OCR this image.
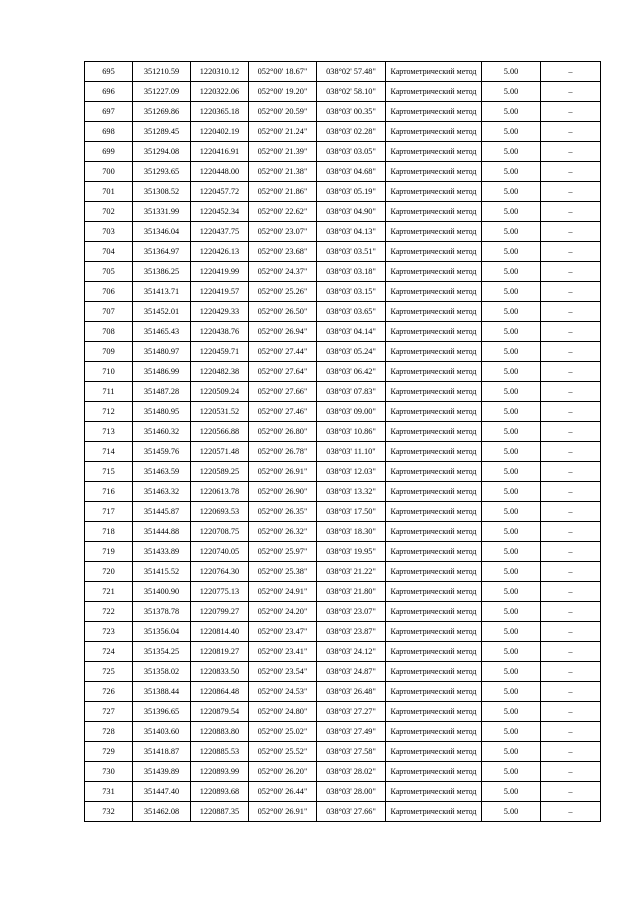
695	351210.59	1220310.12	052°00' 18.67"	038°02' 57.48"	Картометрический метод	5.00	–
696	351227.09	1220322.06	052°00' 19.20"	038°02' 58.10"	Картометрический метод	5.00	–
697	351269.86	1220365.18	052°00' 20.59"	038°03' 00.35"	Картометрический метод	5.00	–
698	351289.45	1220402.19	052°00' 21.24"	038°03' 02.28"	Картометрический метод	5.00	–
699	351294.08	1220416.91	052°00' 21.39"	038°03' 03.05"	Картометрический метод	5.00	–
700	351293.65	1220448.00	052°00' 21.38"	038°03' 04.68"	Картометрический метод	5.00	–
701	351308.52	1220457.72	052°00' 21.86"	038°03' 05.19"	Картометрический метод	5.00	–
702	351331.99	1220452.34	052°00' 22.62"	038°03' 04.90"	Картометрический метод	5.00	–
703	351346.04	1220437.75	052°00' 23.07"	038°03' 04.13"	Картометрический метод	5.00	–
704	351364.97	1220426.13	052°00' 23.68"	038°03' 03.51"	Картометрический метод	5.00	–
705	351386.25	1220419.99	052°00' 24.37"	038°03' 03.18"	Картометрический метод	5.00	–
706	351413.71	1220419.57	052°00' 25.26"	038°03' 03.15"	Картометрический метод	5.00	–
707	351452.01	1220429.33	052°00' 26.50"	038°03' 03.65"	Картометрический метод	5.00	–
708	351465.43	1220438.76	052°00' 26.94"	038°03' 04.14"	Картометрический метод	5.00	–
709	351480.97	1220459.71	052°00' 27.44"	038°03' 05.24"	Картометрический метод	5.00	–
710	351486.99	1220482.38	052°00' 27.64"	038°03' 06.42"	Картометрический метод	5.00	–
711	351487.28	1220509.24	052°00' 27.66"	038°03' 07.83"	Картометрический метод	5.00	–
712	351480.95	1220531.52	052°00' 27.46"	038°03' 09.00"	Картометрический метод	5.00	–
713	351460.32	1220566.88	052°00' 26.80"	038°03' 10.86"	Картометрический метод	5.00	–
714	351459.76	1220571.48	052°00' 26.78"	038°03' 11.10"	Картометрический метод	5.00	–
715	351463.59	1220589.25	052°00' 26.91"	038°03' 12.03"	Картометрический метод	5.00	–
716	351463.32	1220613.78	052°00' 26.90"	038°03' 13.32"	Картометрический метод	5.00	–
717	351445.87	1220693.53	052°00' 26.35"	038°03' 17.50"	Картометрический метод	5.00	–
718	351444.88	1220708.75	052°00' 26.32"	038°03' 18.30"	Картометрический метод	5.00	–
719	351433.89	1220740.05	052°00' 25.97"	038°03' 19.95"	Картометрический метод	5.00	–
720	351415.52	1220764.30	052°00' 25.38"	038°03' 21.22"	Картометрический метод	5.00	–
721	351400.90	1220775.13	052°00' 24.91"	038°03' 21.80"	Картометрический метод	5.00	–
722	351378.78	1220799.27	052°00' 24.20"	038°03' 23.07"	Картометрический метод	5.00	–
723	351356.04	1220814.40	052°00' 23.47"	038°03' 23.87"	Картометрический метод	5.00	–
724	351354.25	1220819.27	052°00' 23.41"	038°03' 24.12"	Картометрический метод	5.00	–
725	351358.02	1220833.50	052°00' 23.54"	038°03' 24.87"	Картометрический метод	5.00	–
726	351388.44	1220864.48	052°00' 24.53"	038°03' 26.48"	Картометрический метод	5.00	–
727	351396.65	1220879.54	052°00' 24.80"	038°03' 27.27"	Картометрический метод	5.00	–
728	351403.60	1220883.80	052°00' 25.02"	038°03' 27.49"	Картометрический метод	5.00	–
729	351418.87	1220885.53	052°00' 25.52"	038°03' 27.58"	Картометрический метод	5.00	–
730	351439.89	1220893.99	052°00' 26.20"	038°03' 28.02"	Картометрический метод	5.00	–
731	351447.40	1220893.68	052°00' 26.44"	038°03' 28.00"	Картометрический метод	5.00	–
732	351462.08	1220887.35	052°00' 26.91"	038°03' 27.66"	Картометрический метод	5.00	–
